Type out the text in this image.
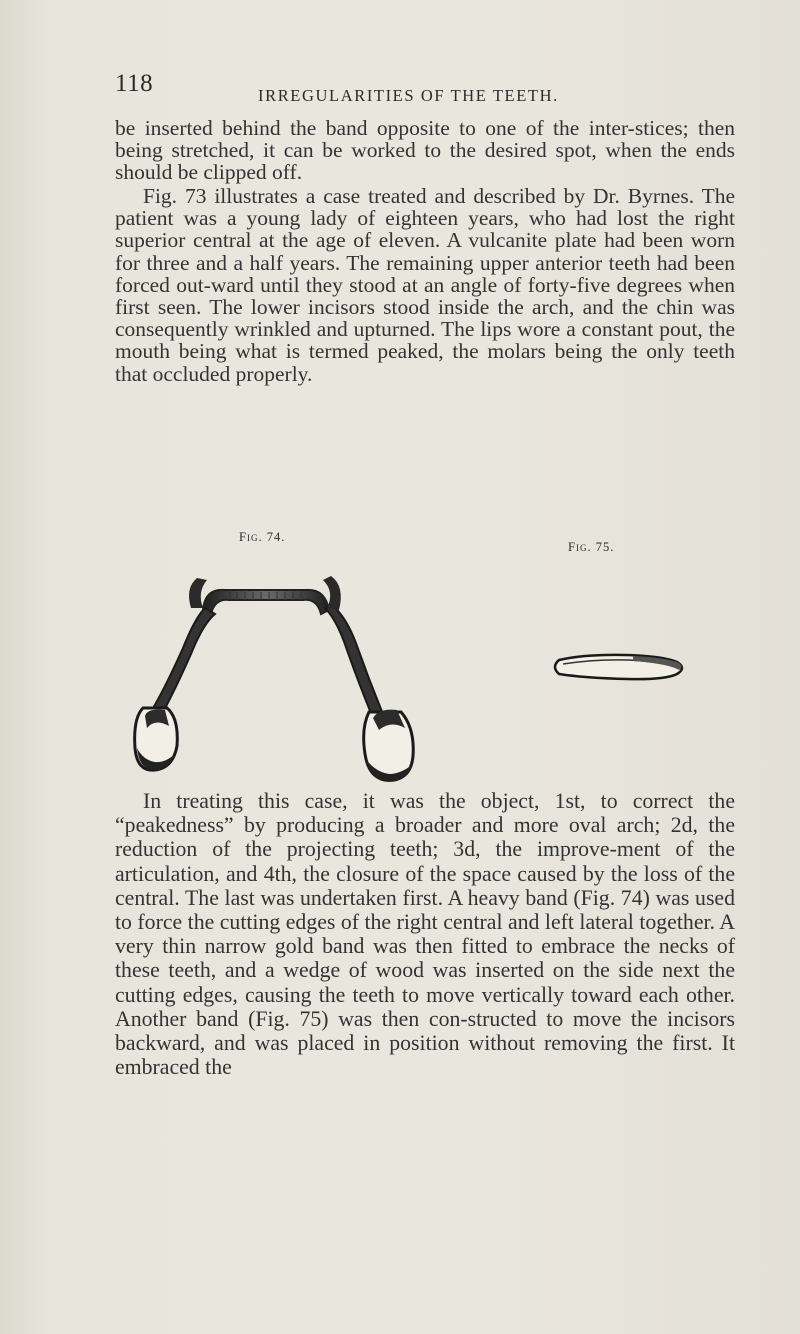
118	IRREGULARITIES OF THE TEETH.

be inserted behind the band opposite to one of the inter-stices; then being stretched, it can be worked to the desired spot, when the ends should be clipped off.

Fig. 73 illustrates a case treated and described by Dr. Byrnes. The patient was a young lady of eighteen years, who had lost the right superior central at the age of eleven. A vulcanite plate had been worn for three and a half years. The remaining upper anterior teeth had been forced out-ward until they stood at an angle of forty-five degrees when first seen. The lower incisors stood inside the arch, and the chin was consequently wrinkled and upturned. The lips wore a constant pout, the mouth being what is termed peaked, the molars being the only teeth that occluded properly.

Fig. 74.
Fig. 75.

In treating this case, it was the object, 1st, to correct the “peakedness” by producing a broader and more oval arch; 2d, the reduction of the projecting teeth; 3d, the improve-ment of the articulation, and 4th, the closure of the space caused by the loss of the central. The last was undertaken first. A heavy band (Fig. 74) was used to force the cutting edges of the right central and left lateral together. A very thin narrow gold band was then fitted to embrace the necks of these teeth, and a wedge of wood was inserted on the side next the cutting edges, causing the teeth to move vertically toward each other. Another band (Fig. 75) was then con-structed to move the incisors backward, and was placed in position without removing the first. It embraced the
